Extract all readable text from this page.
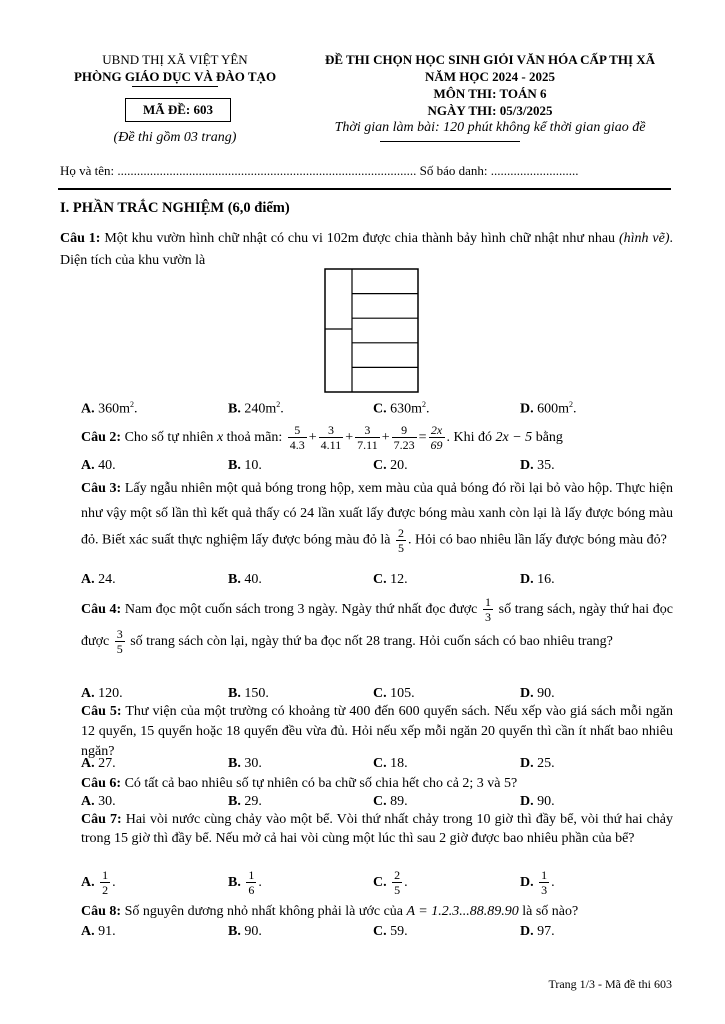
UBND THỊ XÃ VIỆT YÊN
PHÒNG GIÁO DỤC VÀ ĐÀO TẠO
MÃ ĐỀ: 603
(Đề thi gồm 03 trang)
ĐỀ THI CHỌN HỌC SINH GIỎI VĂN HÓA CẤP THỊ XÃ
NĂM HỌC 2024 - 2025
MÔN THI: TOÁN 6
NGÀY THI: 05/3/2025
Thời gian làm bài: 120 phút không kể thời gian giao đề
Họ và tên: ............................................................................................ Số báo danh: ...........................
I. PHẦN TRẮC NGHIỆM (6,0 điểm)
Câu 1: Một khu vườn hình chữ nhật có chu vi 102m được chia thành bảy hình chữ nhật như nhau (hình vẽ). Diện tích của khu vườn là
A. $360m^2$.	B. $240m^2$.	C. $630m^2$.	D. $600m^2$.
Câu 2: Cho số tự nhiên x thoả mãn: $\frac{5}{4.3} + \frac{3}{4.11} + \frac{3}{7.11} + \frac{9}{7.23} = \frac{2x}{69}$ . Khi đó 2x − 5 bằng
A. 40.	B. 10.	C. 20.	D. 35.
Câu 3: Lấy ngẫu nhiên một quả bóng trong hộp, xem màu của quả bóng đó rồi lại bỏ vào hộp. Thực hiện như vậy một số lần thì kết quả thấy có 24 lần xuất lấy được bóng màu xanh còn lại là lấy được bóng màu đỏ. Biết xác suất thực nghiệm lấy được bóng màu đỏ là $\frac{2}{5}$ . Hỏi có bao nhiêu lần lấy được bóng màu đỏ?
A. 24.	B. 40.	C. 12.	D. 16.
Câu 4: Nam đọc một cuốn sách trong 3 ngày. Ngày thứ nhất đọc được $\frac{1}{3}$ số trang sách, ngày thứ hai đọc được $\frac{3}{5}$ số trang sách còn lại, ngày thứ ba đọc nốt 28 trang. Hỏi cuốn sách có bao nhiêu trang?
A. 120.	B. 150.	C. 105.	D. 90.
Câu 5: Thư viện của một trường có khoảng từ 400 đến 600 quyển sách. Nếu xếp vào giá sách mỗi ngăn 12 quyển, 15 quyển hoặc 18 quyển đều vừa đủ. Hỏi nếu xếp mỗi ngăn 20 quyển thì cần ít nhất bao nhiêu ngăn?
A. 27.	B. 30.	C. 18.	D. 25.
Câu 6: Có tất cả bao nhiêu số tự nhiên có ba chữ số chia hết cho cả 2; 3 và 5?
A. 30.	B. 29.	C. 89.	D. 90.
Câu 7: Hai vòi nước cùng chảy vào một bể. Vòi thứ nhất chảy trong 10 giờ thì đầy bể, vòi thứ hai chảy trong 15 giờ thì đầy bể. Nếu mở cả hai vòi cùng một lúc thì sau 2 giờ được bao nhiêu phần của bể?
A. $\frac{1}{2}$ .	B. $\frac{1}{6}$ .	C. $\frac{2}{5}$ .	D. $\frac{1}{3}$ .
Câu 8: Số nguyên dương nhỏ nhất không phải là ước của A = 1.2.3...88.89.90 là số nào?
A. 91.	B. 90.	C. 59.	D. 97.
Trang 1/3 - Mã đề thi 603
